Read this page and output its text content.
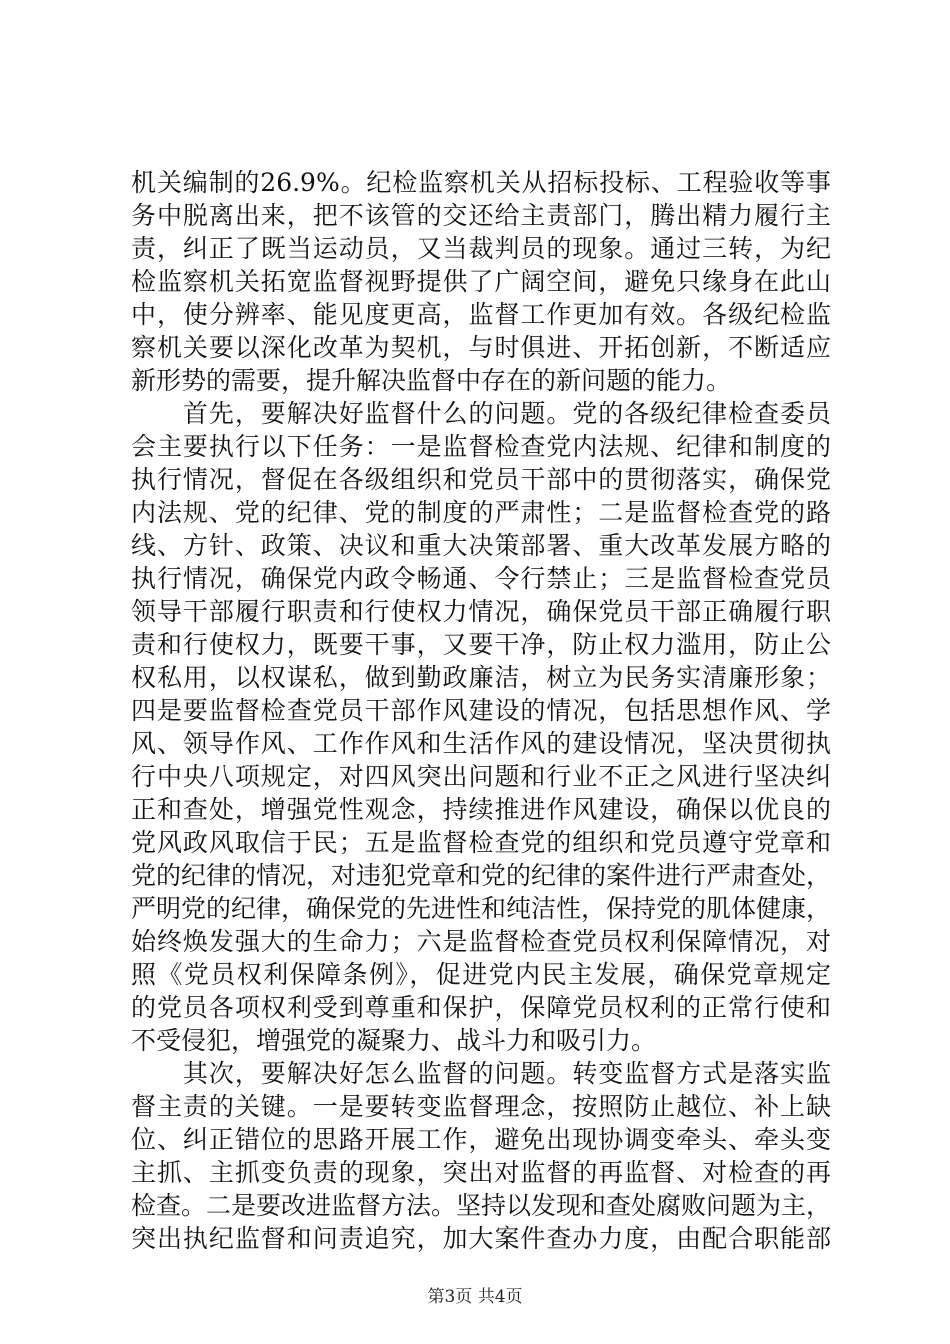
机关编制的26.9%。纪检监察机关从招标投标、工程验收等事
务中脱离出来，把不该管的交还给主责部门，腾出精力履行主
责，纠正了既当运动员，又当裁判员的现象。通过三转，为纪
检监察机关拓宽监督视野提供了广阔空间，避免只缘身在此山
中，使分辨率、能见度更高，监督工作更加有效。各级纪检监
察机关要以深化改革为契机，与时俱进、开拓创新，不断适应
新形势的需要，提升解决监督中存在的新问题的能力。
　　首先，要解决好监督什么的问题。党的各级纪律检查委员
会主要执行以下任务：一是监督检查党内法规、纪律和制度的
执行情况，督促在各级组织和党员干部中的贯彻落实，确保党
内法规、党的纪律、党的制度的严肃性；二是监督检查党的路
线、方针、政策、决议和重大决策部署、重大改革发展方略的
执行情况，确保党内政令畅通、令行禁止；三是监督检查党员
领导干部履行职责和行使权力情况，确保党员干部正确履行职
责和行使权力，既要干事，又要干净，防止权力滥用，防止公
权私用，以权谋私，做到勤政廉洁，树立为民务实清廉形象；
四是要监督检查党员干部作风建设的情况，包括思想作风、学
风、领导作风、工作作风和生活作风的建设情况，坚决贯彻执
行中央八项规定，对四风突出问题和行业不正之风进行坚决纠
正和查处，增强党性观念，持续推进作风建设，确保以优良的
党风政风取信于民；五是监督检查党的组织和党员遵守党章和
党的纪律的情况，对违犯党章和党的纪律的案件进行严肃查处，
严明党的纪律，确保党的先进性和纯洁性，保持党的肌体健康，
始终焕发强大的生命力；六是监督检查党员权利保障情况，对
照《党员权利保障条例》，促进党内民主发展，确保党章规定
的党员各项权利受到尊重和保护，保障党员权利的正常行使和
不受侵犯，增强党的凝聚力、战斗力和吸引力。
　　其次，要解决好怎么监督的问题。转变监督方式是落实监
督主责的关键。一是要转变监督理念，按照防止越位、补上缺
位、纠正错位的思路开展工作，避免出现协调变牵头、牵头变
主抓、主抓变负责的现象，突出对监督的再监督、对检查的再
检查。二是要改进监督方法。坚持以发现和查处腐败问题为主，
突出执纪监督和问责追究，加大案件查办力度，由配合职能部
第3页 共4页
